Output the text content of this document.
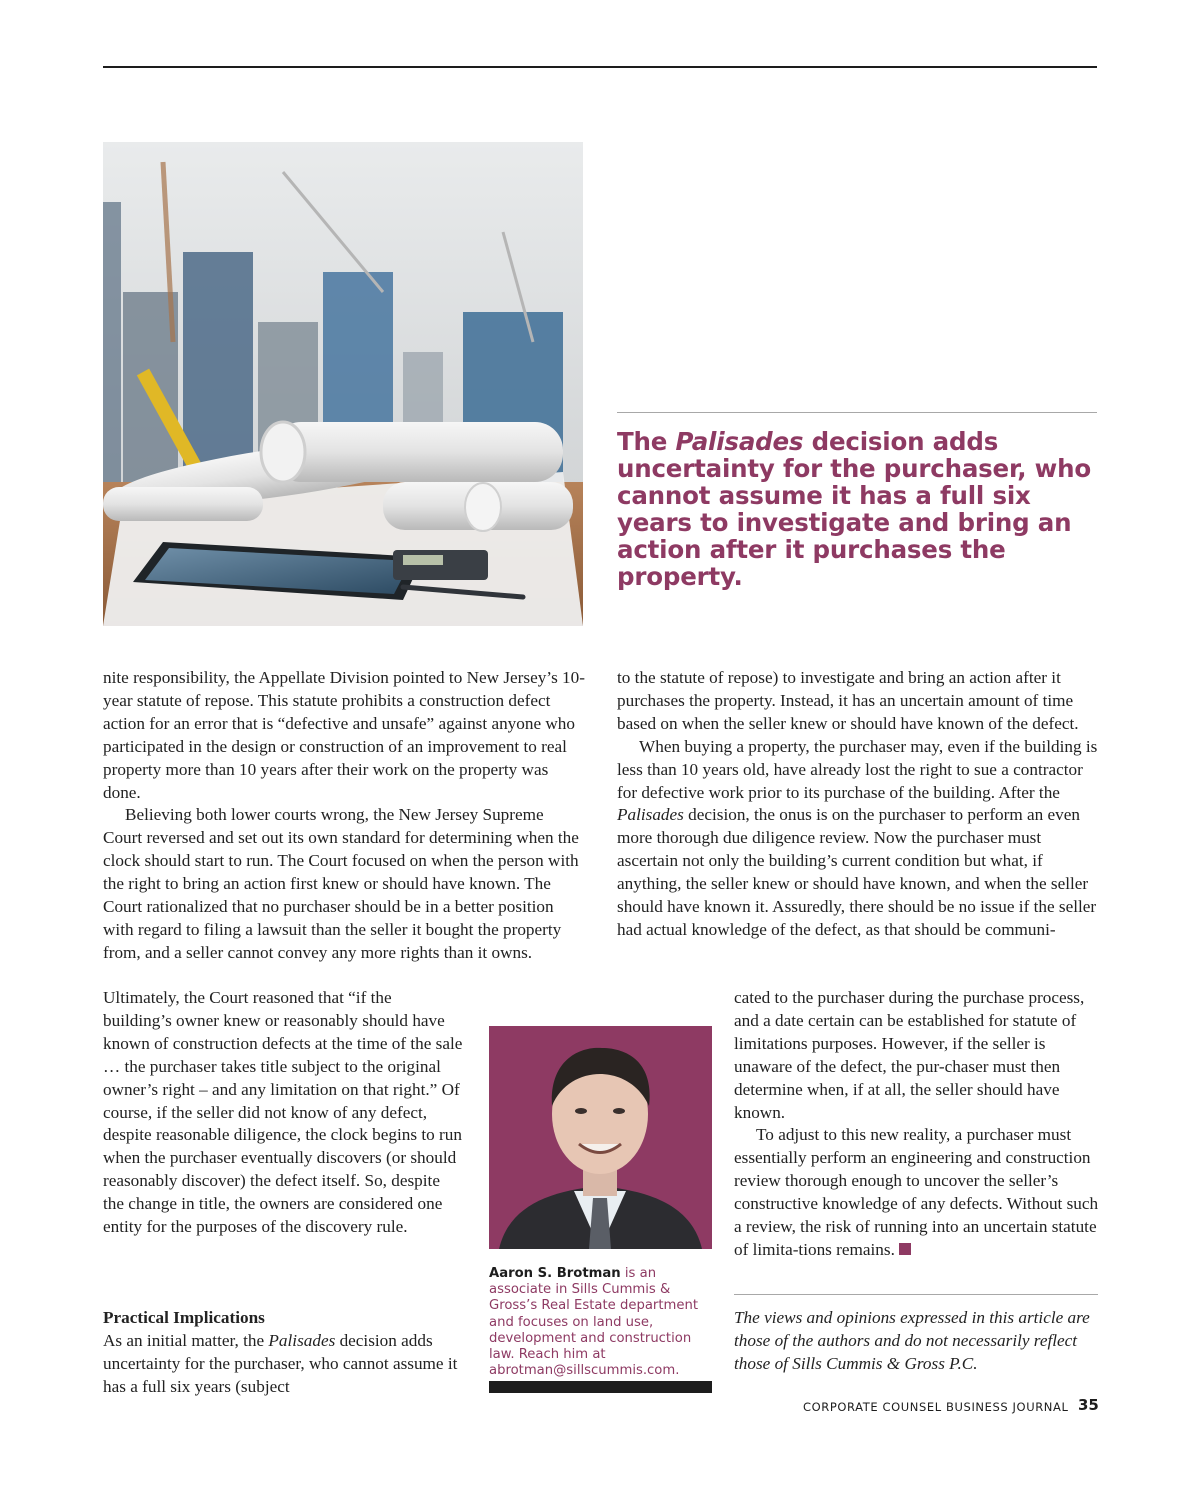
The Palisades decision adds uncertainty for the purchaser, who cannot assume it has a full six years to investigate and bring an action after it purchases the property.

nite responsibility, the Appellate Division pointed to New Jersey’s 10-year statute of repose. This statute prohibits a construction defect action for an error that is “defective and unsafe” against anyone who participated in the design or construction of an improvement to real property more than 10 years after their work on the property was done.

Believing both lower courts wrong, the New Jersey Supreme Court reversed and set out its own standard for determining when the clock should start to run. The Court focused on when the person with the right to bring an action first knew or should have known. The Court rationalized that no purchaser should be in a better position with regard to filing a lawsuit than the seller it bought the property from, and a seller cannot convey any more rights than it owns.

Ultimately, the Court reasoned that “if the building’s owner knew or reasonably should have known of construction defects at the time of the sale … the purchaser takes title subject to the original owner’s right – and any limitation on that right.” Of course, if the seller did not know of any defect, despite reasonable diligence, the clock begins to run when the purchaser eventually discovers (or should reasonably discover) the defect itself. So, despite the change in title, the owners are considered one entity for the purposes of the discovery rule.

Practical Implications

As an initial matter, the Palisades decision adds uncertainty for the purchaser, who cannot assume it has a full six years (subject

to the statute of repose) to investigate and bring an action after it purchases the property. Instead, it has an uncertain amount of time based on when the seller knew or should have known of the defect.

When buying a property, the purchaser may, even if the building is less than 10 years old, have already lost the right to sue a contractor for defective work prior to its purchase of the building. After the Palisades decision, the onus is on the purchaser to perform an even more thorough due diligence review. Now the purchaser must ascertain not only the building’s current condition but what, if anything, the seller knew or should have known, and when the seller should have known it. Assuredly, there should be no issue if the seller had actual knowledge of the defect, as that should be communi-

cated to the purchaser during the purchase process, and a date certain can be established for statute of limitations purposes. However, if the seller is unaware of the defect, the pur-chaser must then determine when, if at all, the seller should have known.

To adjust to this new reality, a purchaser must essentially perform an engineering and construction review thorough enough to uncover the seller’s constructive knowledge of any defects. Without such a review, the risk of running into an uncertain statute of limita-tions remains.

Aaron S. Brotman is an associate in Sills Cummis & Gross’s Real Estate department and focuses on land use, development and construction law. Reach him at abrotman@sillscummis.com.
The views and opinions expressed in this article are those of the authors and do not necessarily reflect those of Sills Cummis & Gross P.C.
CORPORATE COUNSEL BUSINESS JOURNAL 35
